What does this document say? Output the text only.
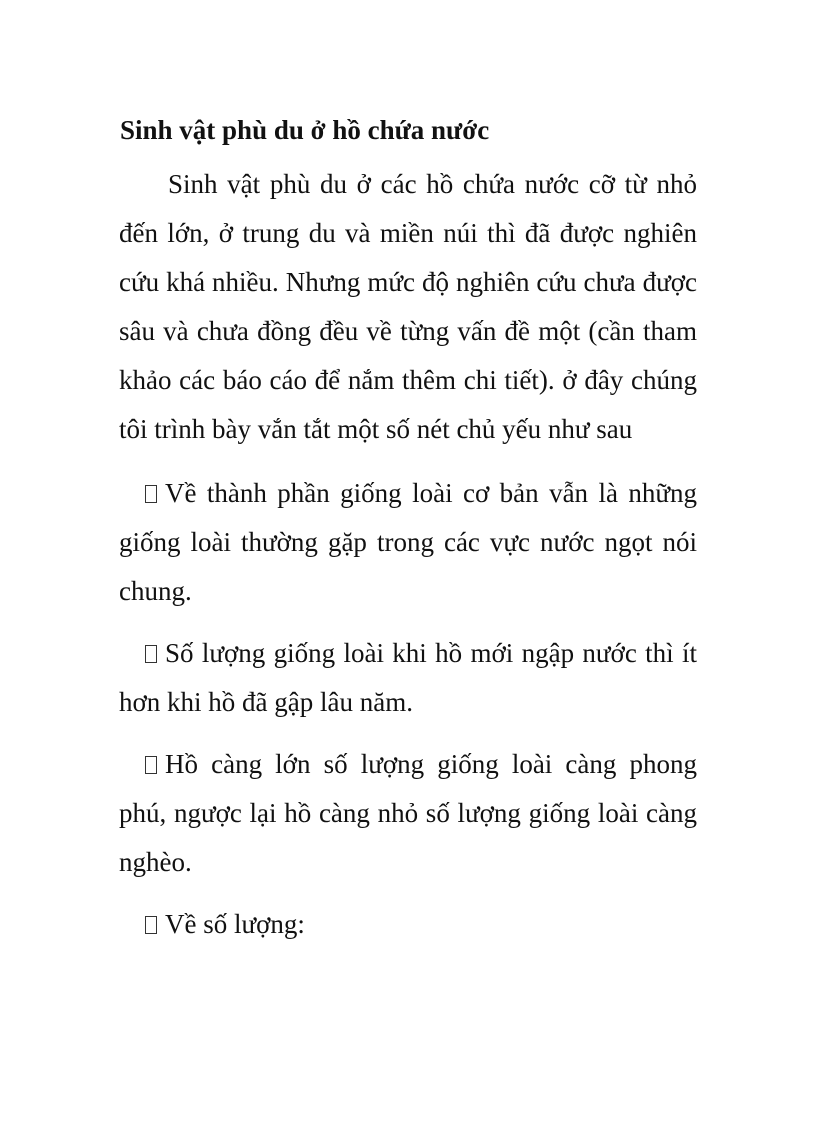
Sinh vật phù du ở hồ chứa nước

Sinh vật phù du ở các hồ chứa nước cỡ từ nhỏ đến lớn, ở trung du và miền núi thì đã được nghiên cứu khá nhiều. Nhưng mức độ nghiên cứu chưa được sâu và chưa đồng đều về từng vấn đề một (cần tham khảo các báo cáo để nắm thêm chi tiết). ở đây chúng tôi trình bày vắn tắt một số nét chủ yếu như sau

Về thành phần giống loài cơ bản vẫn là những giống loài thường gặp trong các vực nước ngọt nói chung.

Số lượng giống loài khi hồ mới ngập nước thì ít hơn khi hồ đã gập lâu năm.

Hồ càng lớn số lượng giống loài càng phong phú, ngược lại hồ càng nhỏ số lượng giống loài càng nghèo.

Về số lượng:
